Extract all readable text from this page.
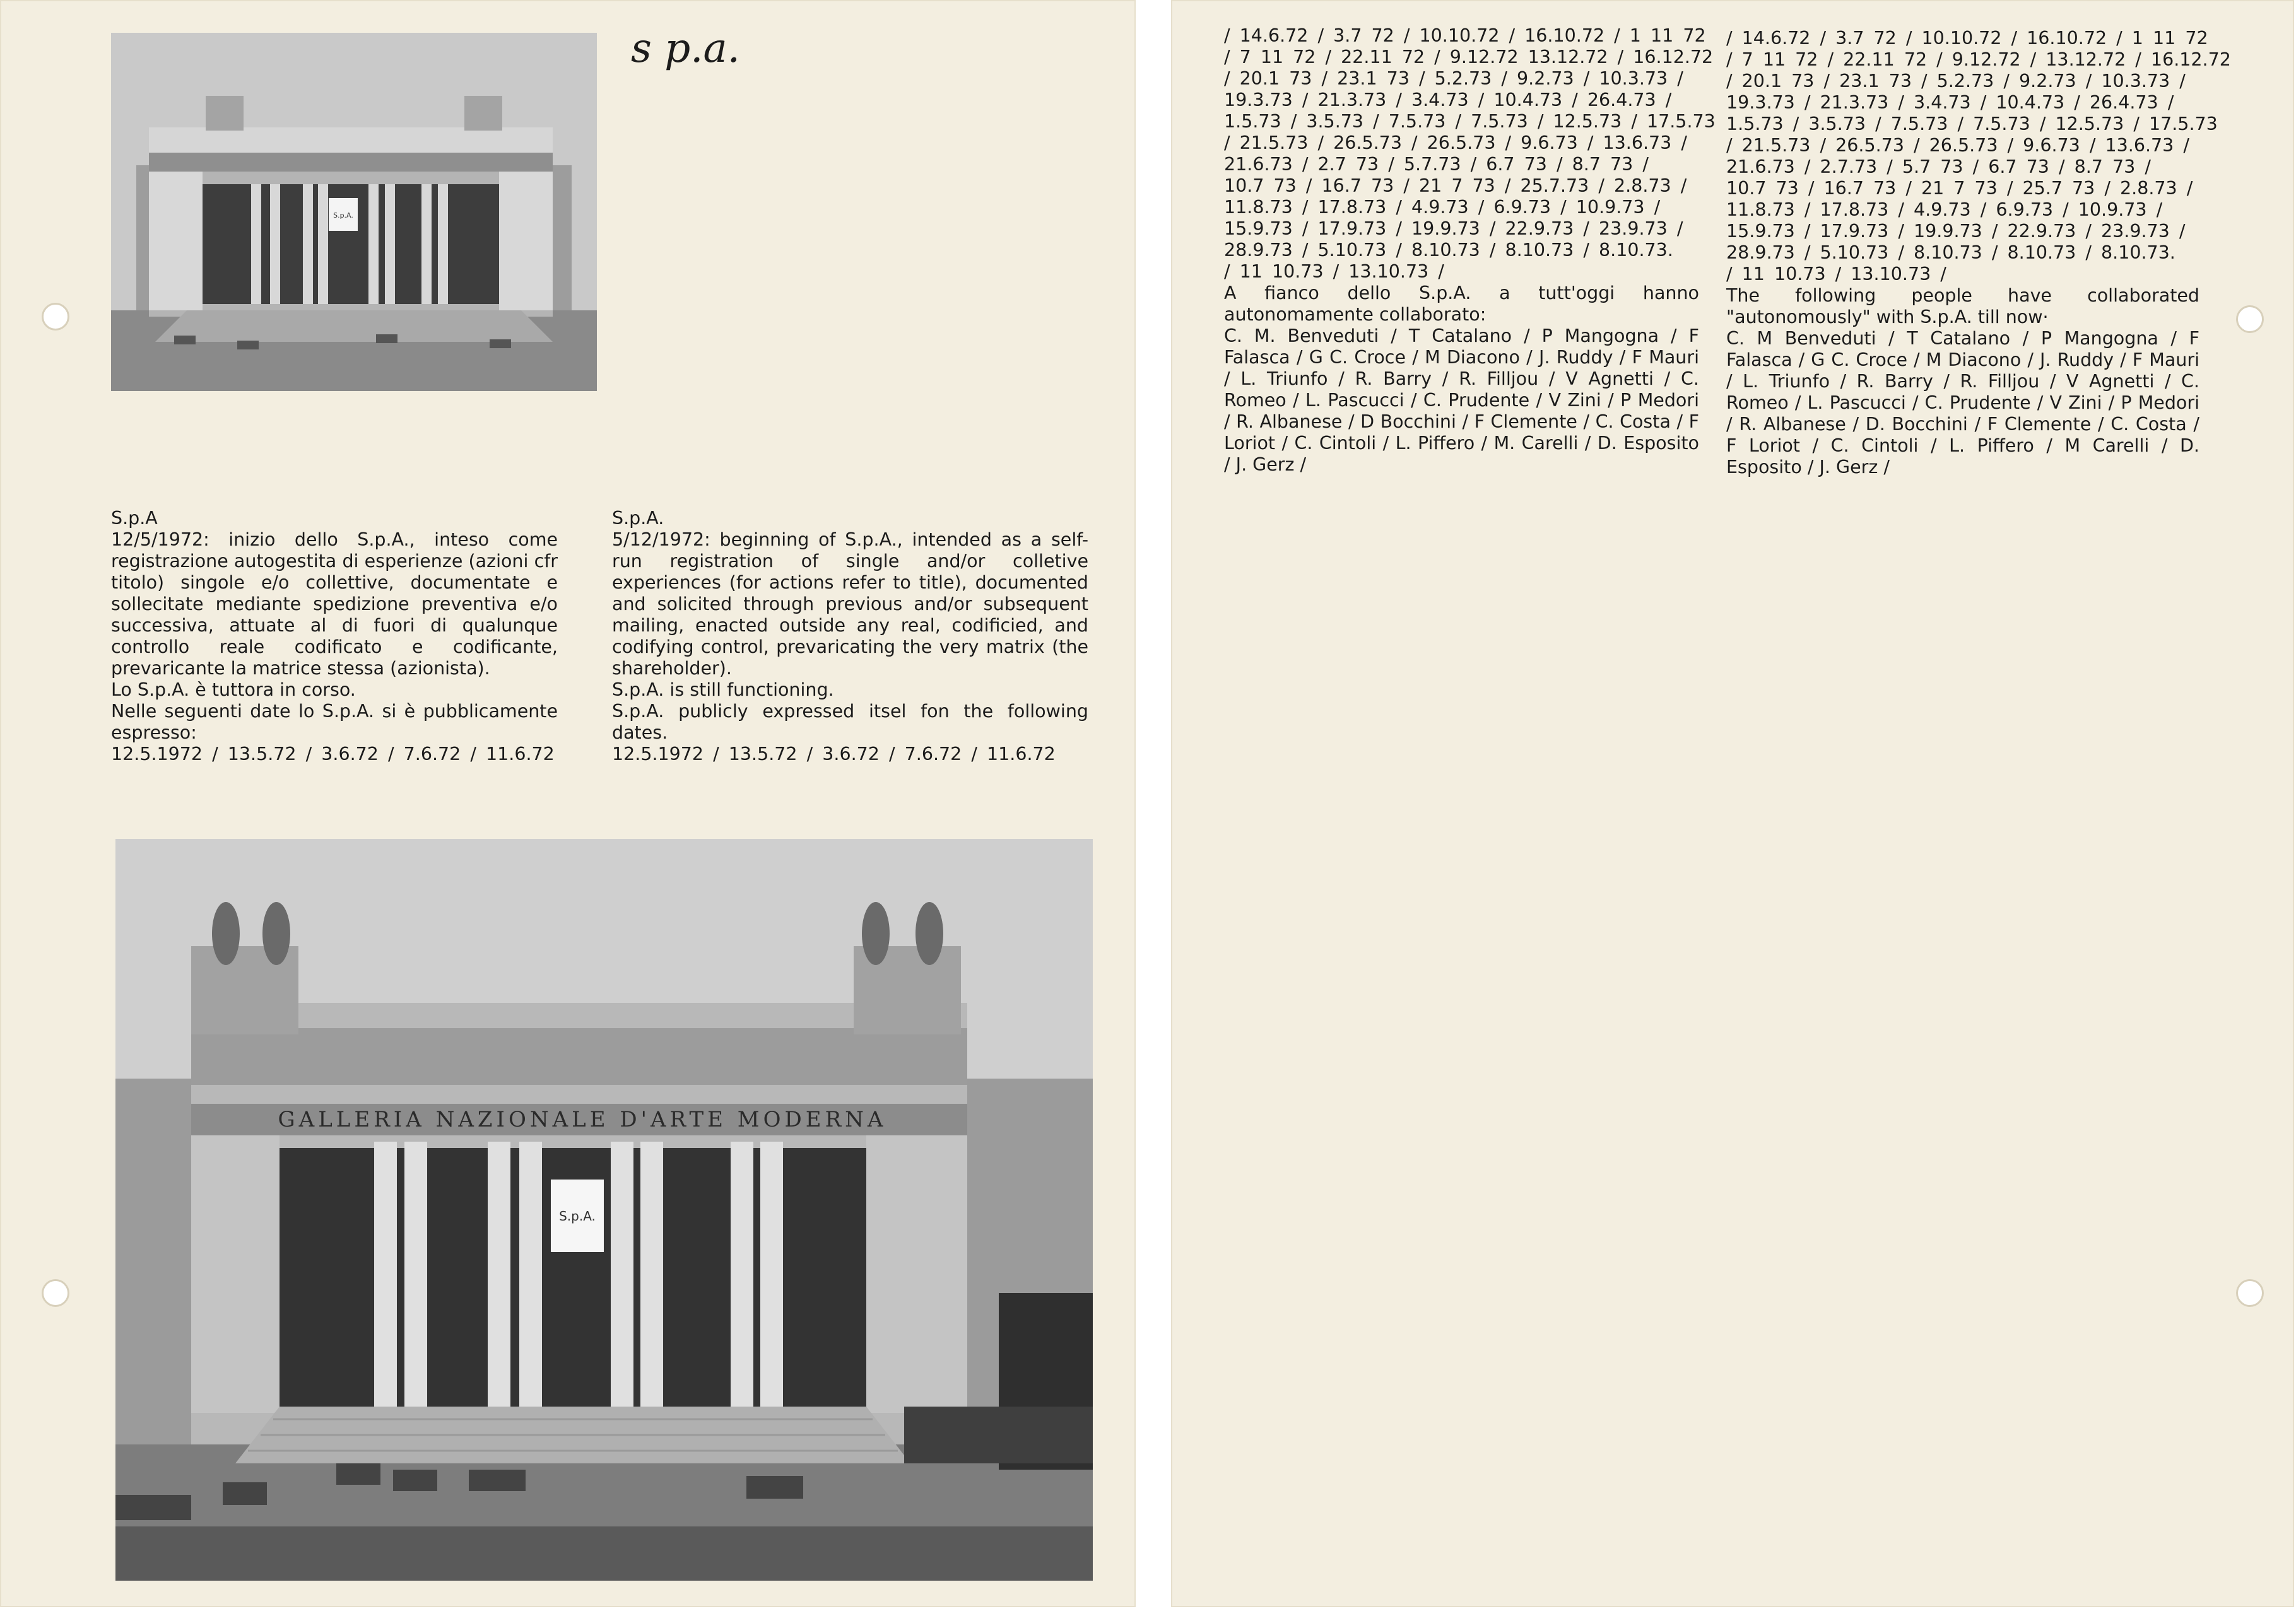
S.p.A.
s p.a.

S.p.A

12/5/1972: inizio dello S.p.A., inteso come registrazione autogestita di esperienze (azioni cfr titolo) singole e/o collettive, documentate e sollecitate mediante spedizione preventiva e/o successiva, attuate al di fuori di qualunque controllo reale codificato e codificante, prevaricante la matrice stessa (azionista).

Lo S.p.A. è tuttora in corso.

Nelle seguenti date lo S.p.A. si è pubblicamente espresso:

12.5.1972 / 13.5.72 / 3.6.72 / 7.6.72 / 11.6.72

S.p.A.

5/12/1972: beginning of S.p.A., intended as a self-run registration of single and/or colletive experiences (for actions refer to title), documented and solicited through previous and/or subsequent mailing, enacted outside any real, codificied, and codifying control, prevaricating the very matrix (the shareholder).

S.p.A. is still functioning.

S.p.A. publicly expressed itsel fon the following dates.

12.5.1972 / 13.5.72 / 3.6.72 / 7.6.72 / 11.6.72

GALLERIA NAZIONALE D'ARTE MODERNA
S.p.A.

/ 14.6.72 / 3.7 72 / 10.10.72 / 16.10.72 / 1 11 72

/ 7 11 72 / 22.11 72 / 9.12.72 13.12.72 / 16.12.72

/ 20.1 73 / 23.1 73 / 5.2.73 / 9.2.73 / 10.3.73 /

19.3.73 / 21.3.73 / 3.4.73 / 10.4.73 / 26.4.73 /

1.5.73 / 3.5.73 / 7.5.73 / 7.5.73 / 12.5.73 / 17.5.73

/ 21.5.73 / 26.5.73 / 26.5.73 / 9.6.73 / 13.6.73 /

21.6.73 / 2.7 73 / 5.7.73 / 6.7 73 / 8.7 73 /

10.7 73 / 16.7 73 / 21 7 73 / 25.7.73 / 2.8.73 /

11.8.73 / 17.8.73 / 4.9.73 / 6.9.73 / 10.9.73 /

15.9.73 / 17.9.73 / 19.9.73 / 22.9.73 / 23.9.73 /

28.9.73 / 5.10.73 / 8.10.73 / 8.10.73 / 8.10.73.

/ 11 10.73 / 13.10.73 /

A fianco dello S.p.A. a tutt'oggi hanno autonomamente collaborato:

C. M. Benveduti / T Catalano / P Mangogna / F Falasca / G C. Croce / M Diacono / J. Ruddy / F Mauri / L. Triunfo / R. Barry / R. Filljou / V Agnetti / C. Romeo / L. Pascucci / C. Prudente / V Zini / P Medori / R. Albanese / D Bocchini / F Clemente / C. Costa / F Loriot / C. Cintoli / L. Piffero / M. Carelli / D. Esposito / J. Gerz /

/ 14.6.72 / 3.7 72 / 10.10.72 / 16.10.72 / 1 11 72

/ 7 11 72 / 22.11 72 / 9.12.72 / 13.12.72 / 16.12.72

/ 20.1 73 / 23.1 73 / 5.2.73 / 9.2.73 / 10.3.73 /

19.3.73 / 21.3.73 / 3.4.73 / 10.4.73 / 26.4.73 /

1.5.73 / 3.5.73 / 7.5.73 / 7.5.73 / 12.5.73 / 17.5.73

/ 21.5.73 / 26.5.73 / 26.5.73 / 9.6.73 / 13.6.73 /

21.6.73 / 2.7.73 / 5.7 73 / 6.7 73 / 8.7 73 /

10.7 73 / 16.7 73 / 21 7 73 / 25.7 73 / 2.8.73 /

11.8.73 / 17.8.73 / 4.9.73 / 6.9.73 / 10.9.73 /

15.9.73 / 17.9.73 / 19.9.73 / 22.9.73 / 23.9.73 /

28.9.73 / 5.10.73 / 8.10.73 / 8.10.73 / 8.10.73.

/ 11 10.73 / 13.10.73 /

The following people have collaborated "autonomously" with S.p.A. till now·

C. M Benveduti / T Catalano / P Mangogna / F Falasca / G C. Croce / M Diacono / J. Ruddy / F Mauri / L. Triunfo / R. Barry / R. Filljou / V Agnetti / C. Romeo / L. Pascucci / C. Prudente / V Zini / P Medori / R. Albanese / D. Bocchini / F Clemente / C. Costa / F Loriot / C. Cintoli / L. Piffero / M Carelli / D. Esposito / J. Gerz /
